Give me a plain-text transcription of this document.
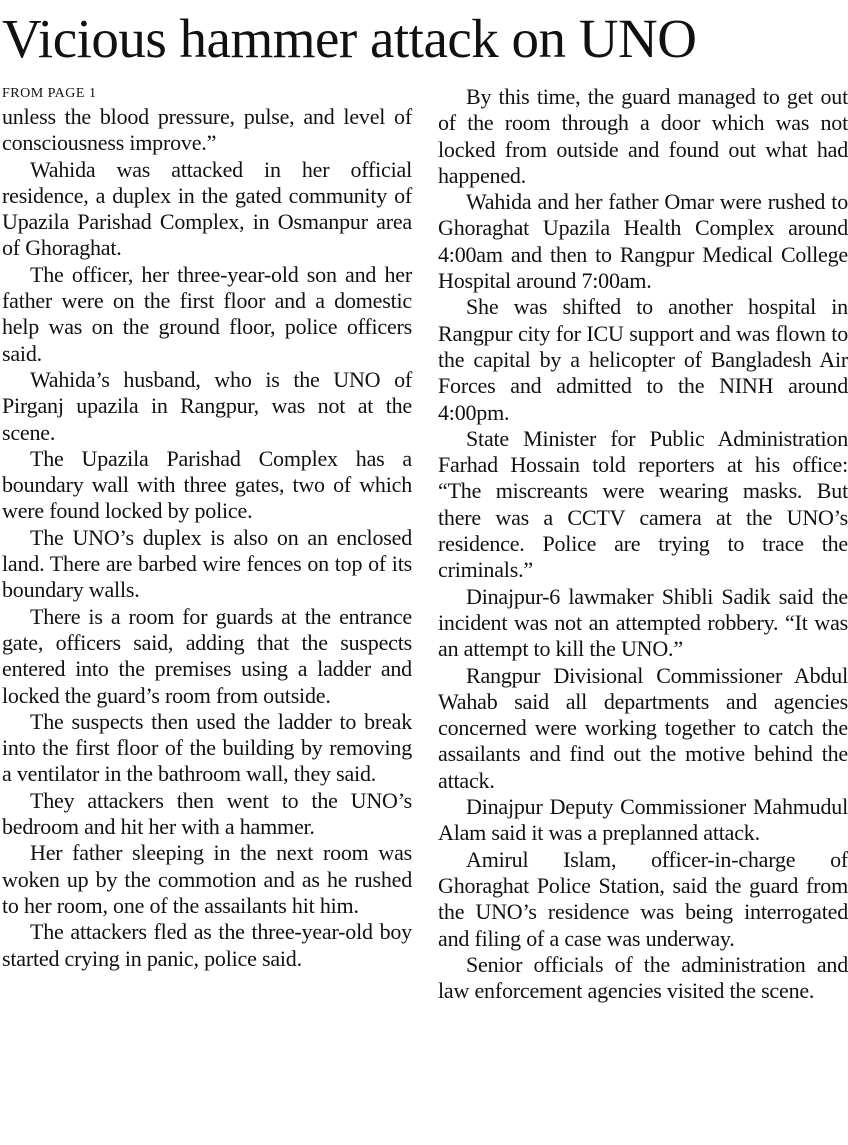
Vicious hammer attack on UNO

FROM PAGE 1

unless the blood pressure, pulse, and level of consciousness improve.”

Wahida was attacked in her official residence, a duplex in the gated community of Upazila Parishad Complex, in Osmanpur area of Ghoraghat.

The officer, her three-year-old son and her father were on the first floor and a domestic help was on the ground floor, police officers said.

Wahida’s husband, who is the UNO of Pirganj upazila in Rangpur, was not at the scene.

The Upazila Parishad Complex has a boundary wall with three gates, two of which were found locked by police.

The UNO’s duplex is also on an enclosed land. There are barbed wire fences on top of its boundary walls.

There is a room for guards at the entrance gate, officers said, adding that the suspects entered into the premises using a ladder and locked the guard’s room from outside.

The suspects then used the ladder to break into the first floor of the building by removing a ventilator in the bathroom wall, they said.

They attackers then went to the UNO’s bedroom and hit her with a hammer.

Her father sleeping in the next room was woken up by the commotion and as he rushed to her room, one of the assailants hit him.

The attackers fled as the three-year-old boy started crying in panic, police said.

By this time, the guard managed to get out of the room through a door which was not locked from outside and found out what had happened.

Wahida and her father Omar were rushed to Ghoraghat Upazila Health Complex around 4:00am and then to Rangpur Medical College Hospital around 7:00am.

She was shifted to another hospital in Rangpur city for ICU support and was flown to the capital by a helicopter of Bangladesh Air Forces and admitted to the NINH around 4:00pm.

State Minister for Public Administration Farhad Hossain told reporters at his office: “The miscreants were wearing masks. But there was a CCTV camera at the UNO’s residence. Police are trying to trace the criminals.”

Dinajpur-6 lawmaker Shibli Sadik said the incident was not an attempted robbery. “It was an attempt to kill the UNO.”

Rangpur Divisional Commissioner Abdul Wahab said all departments and agencies concerned were working together to catch the assailants and find out the motive behind the attack.

Dinajpur Deputy Commissioner Mahmudul Alam said it was a preplanned attack.

Amirul Islam, officer-in-charge of Ghoraghat Police Station, said the guard from the UNO’s residence was being interrogated and filing of a case was underway.

Senior officials of the administration and law enforcement agencies visited the scene.
